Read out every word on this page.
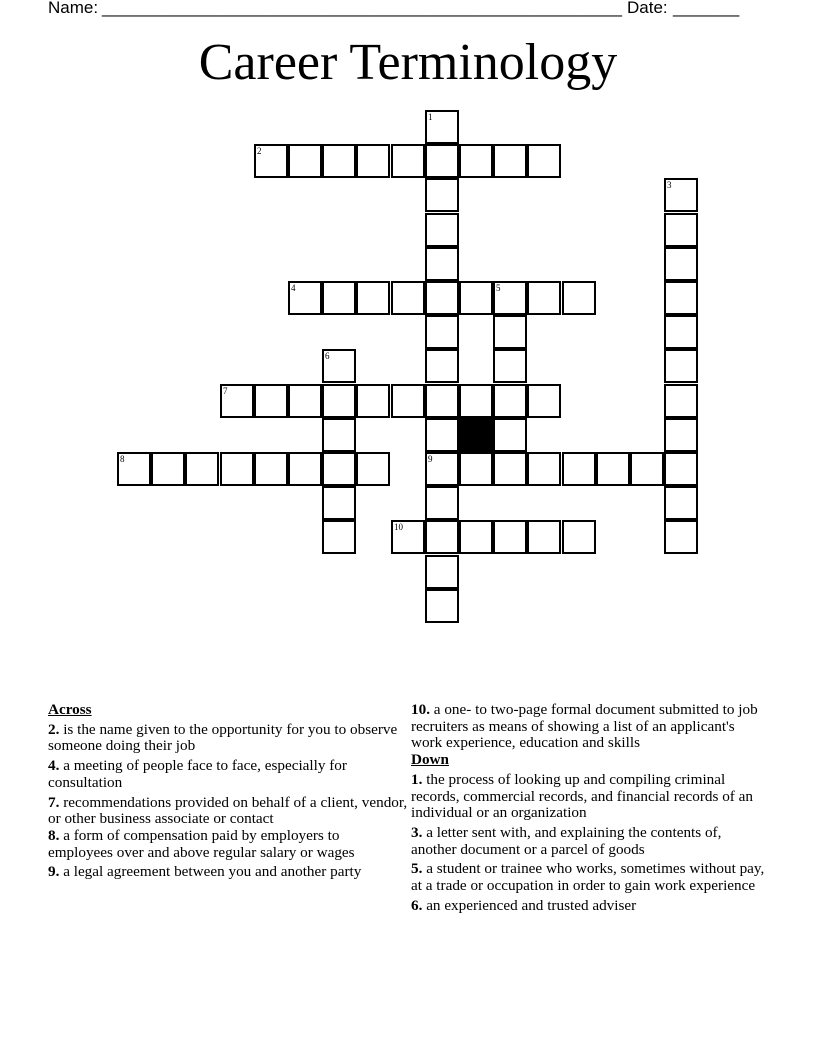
Name: _______________________________________________________ Date: _______
Career Terminology
2
1
9
3
4	5
6
7
8
10
Across
2. is the name given to the opportunity for you to observe someone doing their job
4. a meeting of people face to face, especially for consultation
7. recommendations provided on behalf of a client, vendor, or other business associate or contact
8. a form of compensation paid by employers to employees over and above regular salary or wages
9. a legal agreement between you and another party
10. a one- to two-page formal document submitted to job recruiters as means of showing a list of an applicant's work experience, education and skills
Down
1. the process of looking up and compiling criminal records, commercial records, and financial records of an individual or an organization
3. a letter sent with, and explaining the contents of, another document or a parcel of goods
5. a student or trainee who works, sometimes without pay, at a trade or occupation in order to gain work experience
6. an experienced and trusted adviser
